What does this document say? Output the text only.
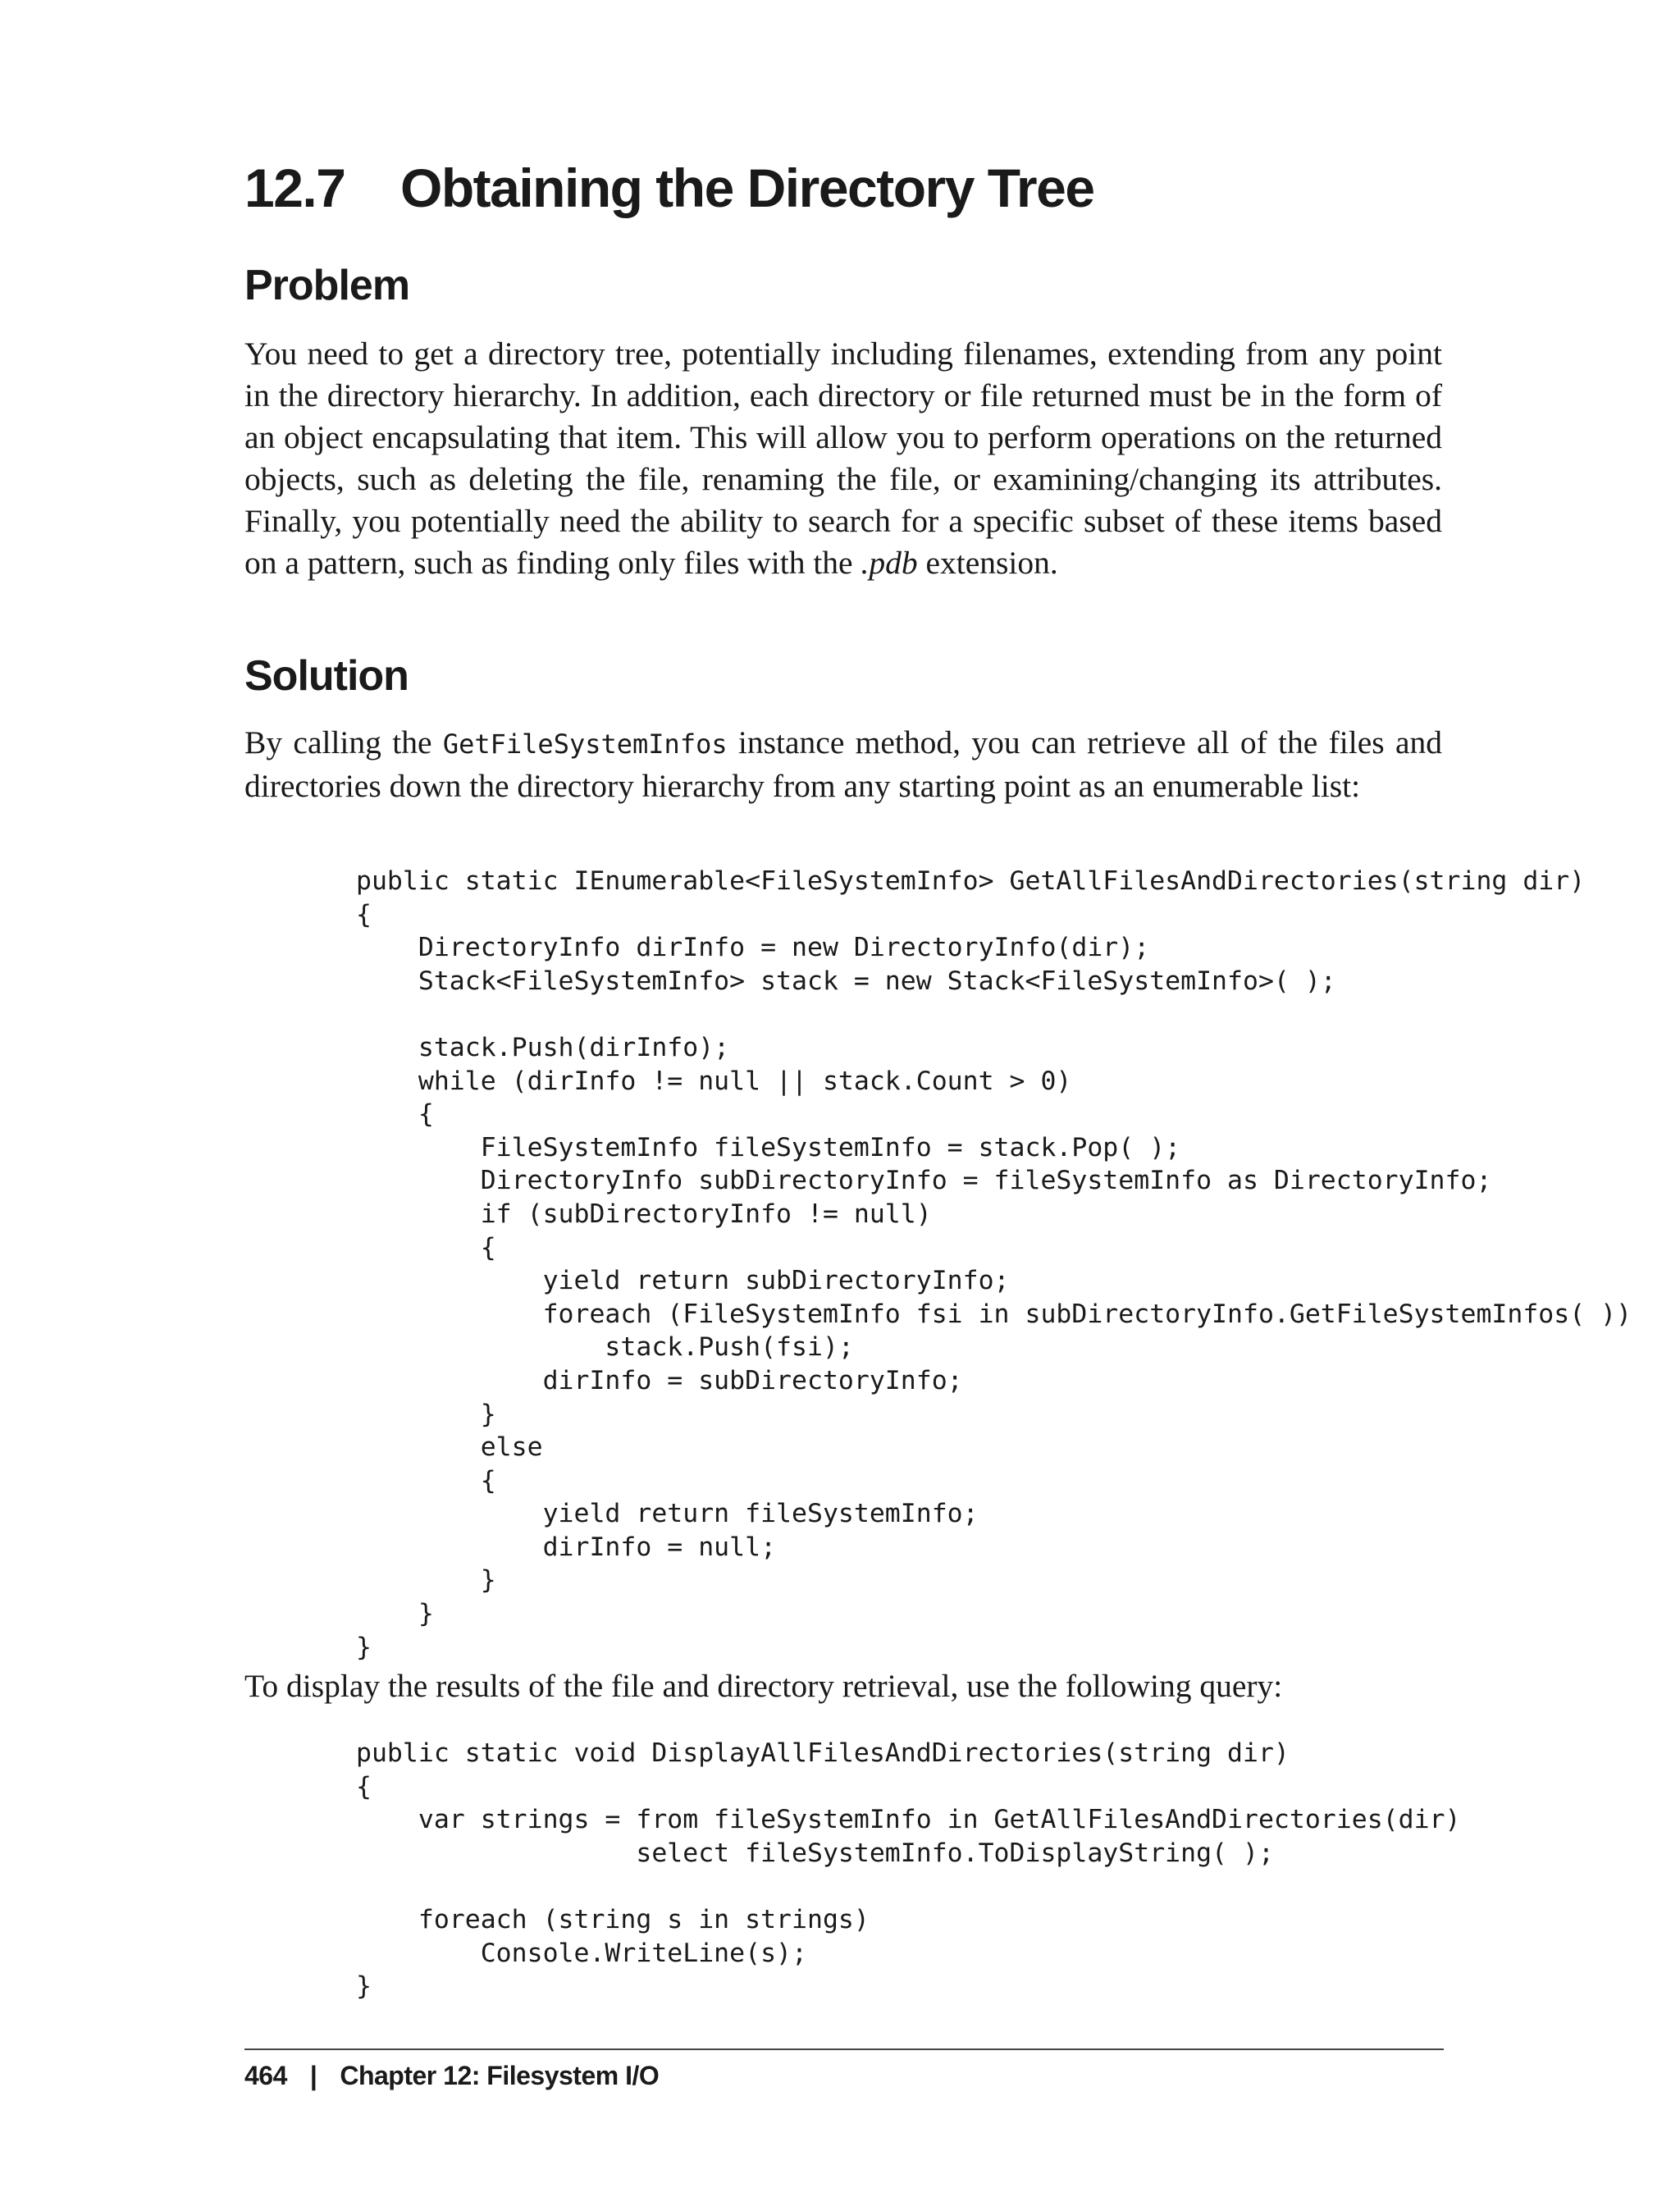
12.7 Obtaining the Directory Tree
Problem

You need to get a directory tree, potentially including filenames, extending from any point in the directory hierarchy. In addition, each directory or file returned must be in the form of an object encapsulating that item. This will allow you to perform operations on the returned objects, such as deleting the file, renaming the file, or examining/changing its attributes. Finally, you potentially need the ability to search for a specific subset of these items based on a pattern, such as finding only files with the .pdb extension.

Solution

By calling the GetFileSystemInfos instance method, you can retrieve all of the files and directories down the directory hierarchy from any starting point as an enumerable list:

public static IEnumerable<FileSystemInfo> GetAllFilesAndDirectories(string dir)
{
DirectoryInfo dirInfo = new DirectoryInfo(dir);
Stack<FileSystemInfo> stack = new Stack<FileSystemInfo>( );

stack.Push(dirInfo);
while (dirInfo != null || stack.Count > 0)
{
FileSystemInfo fileSystemInfo = stack.Pop( );
DirectoryInfo subDirectoryInfo = fileSystemInfo as DirectoryInfo;
if (subDirectoryInfo != null)
{
yield return subDirectoryInfo;
foreach (FileSystemInfo fsi in subDirectoryInfo.GetFileSystemInfos( ))
stack.Push(fsi);
dirInfo = subDirectoryInfo;
}
else
{
yield return fileSystemInfo;
dirInfo = null;
}
}
}

To display the results of the file and directory retrieval, use the following query:

public static void DisplayAllFilesAndDirectories(string dir)
{
var strings = from fileSystemInfo in GetAllFilesAndDirectories(dir)
select fileSystemInfo.ToDisplayString( );

foreach (string s in strings)
Console.WriteLine(s);
}
464 | Chapter 12: Filesystem I/O
